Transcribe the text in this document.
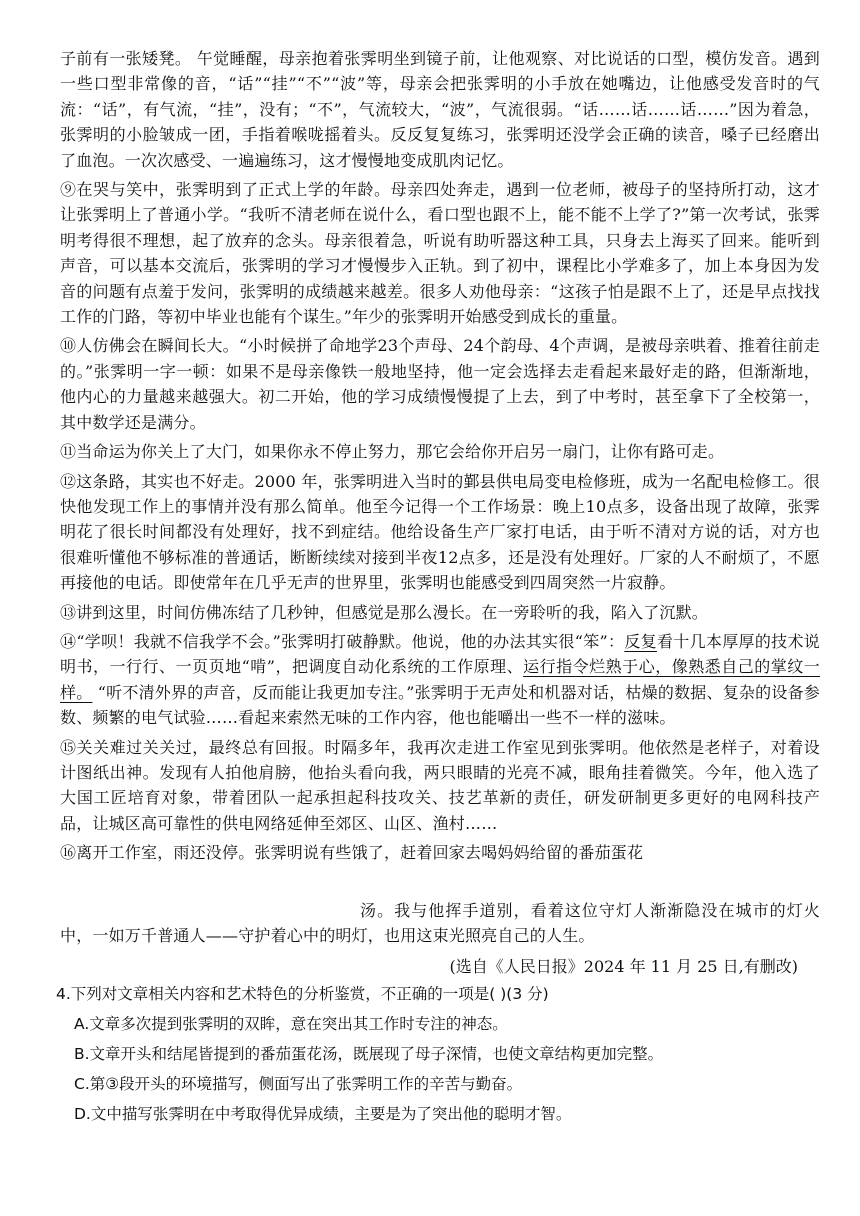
子前有一张矮凳。 午觉睡醒，母亲抱着张霁明坐到镜子前，让他观察、对比说话的口型，模仿发音。遇到一些口型非常像的音，“话”“挂”“不”“波”等，母亲会把张霁明的小手放在她嘴边，让他感受发音时的气流：“话”，有气流，“挂”，没有；“不”，气流较大，“波”，气流很弱。“话……话……话……”因为着急，张霁明的小脸皱成一团，手指着喉咙摇着头。反反复复练习，张霁明还没学会正确的读音，嗓子已经磨出了血泡。一次次感受、一遍遍练习，这才慢慢地变成肌肉记忆。

⑨在哭与笑中，张霁明到了正式上学的年龄。母亲四处奔走，遇到一位老师，被母子的坚持所打动，这才让张霁明上了普通小学。“我听不清老师在说什么，看口型也跟不上，能不能不上学了?”第一次考试，张霁明考得很不理想，起了放弃的念头。母亲很着急，听说有助听器这种工具，只身去上海买了回来。能听到声音，可以基本交流后，张霁明的学习才慢慢步入正轨。到了初中，课程比小学难多了，加上本身因为发音的问题有点羞于发问，张霁明的成绩越来越差。很多人劝他母亲：“这孩子怕是跟不上了，还是早点找找工作的门路，等初中毕业也能有个谋生。”年少的张霁明开始感受到成长的重量。

⑩人仿佛会在瞬间长大。“小时候拼了命地学23个声母、24个韵母、4个声调，是被母亲哄着、推着往前走的。”张霁明一字一顿：如果不是母亲像铁一般地坚持，他一定会选择去走看起来最好走的路，但渐渐地，他内心的力量越来越强大。初二开始，他的学习成绩慢慢提了上去，到了中考时，甚至拿下了全校第一，其中数学还是满分。

⑪当命运为你关上了大门，如果你永不停止努力，那它会给你开启另一扇门，让你有路可走。

⑫这条路，其实也不好走。2000 年，张霁明进入当时的鄞县供电局变电检修班，成为一名配电检修工。很快他发现工作上的事情并没有那么简单。他至今记得一个工作场景：晚上10点多，设备出现了故障，张霁明花了很长时间都没有处理好，找不到症结。他给设备生产厂家打电话，由于听不清对方说的话，对方也很难听懂他不够标准的普通话，断断续续对接到半夜12点多，还是没有处理好。厂家的人不耐烦了，不愿再接他的电话。即使常年在几乎无声的世界里，张霁明也能感受到四周突然一片寂静。

⑬讲到这里，时间仿佛冻结了几秒钟，但感觉是那么漫长。在一旁聆听的我，陷入了沉默。

⑭“学呗！我就不信我学不会。”张霁明打破静默。他说，他的办法其实很“笨”：反复看十几本厚厚的技术说明书，一行行、一页页地“啃”，把调度自动化系统的工作原理、运行指令烂熟于心，像熟悉自己的掌纹一样。 “听不清外界的声音，反而能让我更加专注。”张霁明于无声处和机器对话，枯燥的数据、复杂的设备参数、频繁的电气试验……看起来索然无味的工作内容，他也能嚼出一些不一样的滋味。

⑮关关难过关关过，最终总有回报。时隔多年，我再次走进工作室见到张霁明。他依然是老样子，对着设计图纸出神。发现有人拍他肩膀，他抬头看向我，两只眼睛的光亮不减，眼角挂着微笑。今年，他入选了大国工匠培育对象，带着团队一起承担起科技攻关、技艺革新的责任，研发研制更多更好的电网科技产品，让城区高可靠性的供电网络延伸至郊区、山区、渔村……

⑯离开工作室，雨还没停。张霁明说有些饿了，赶着回家去喝妈妈给留的番茄蛋花

汤。我与他挥手道别，看着这位守灯人渐渐隐没在城市的灯火中，一如万千普通人——守护着心中的明灯，也用这束光照亮自己的人生。

(选自《人民日报》2024 年 11 月 25 日,有删改)

4.下列对文章相关内容和艺术特色的分析鉴赏，不正确的一项是( )(3 分)

A.文章多次提到张霁明的双眸，意在突出其工作时专注的神态。

B.文章开头和结尾皆提到的番茄蛋花汤，既展现了母子深情，也使文章结构更加完整。

C.第③段开头的环境描写，侧面写出了张霁明工作的辛苦与勤奋。

D.文中描写张霁明在中考取得优异成绩，主要是为了突出他的聪明才智。
